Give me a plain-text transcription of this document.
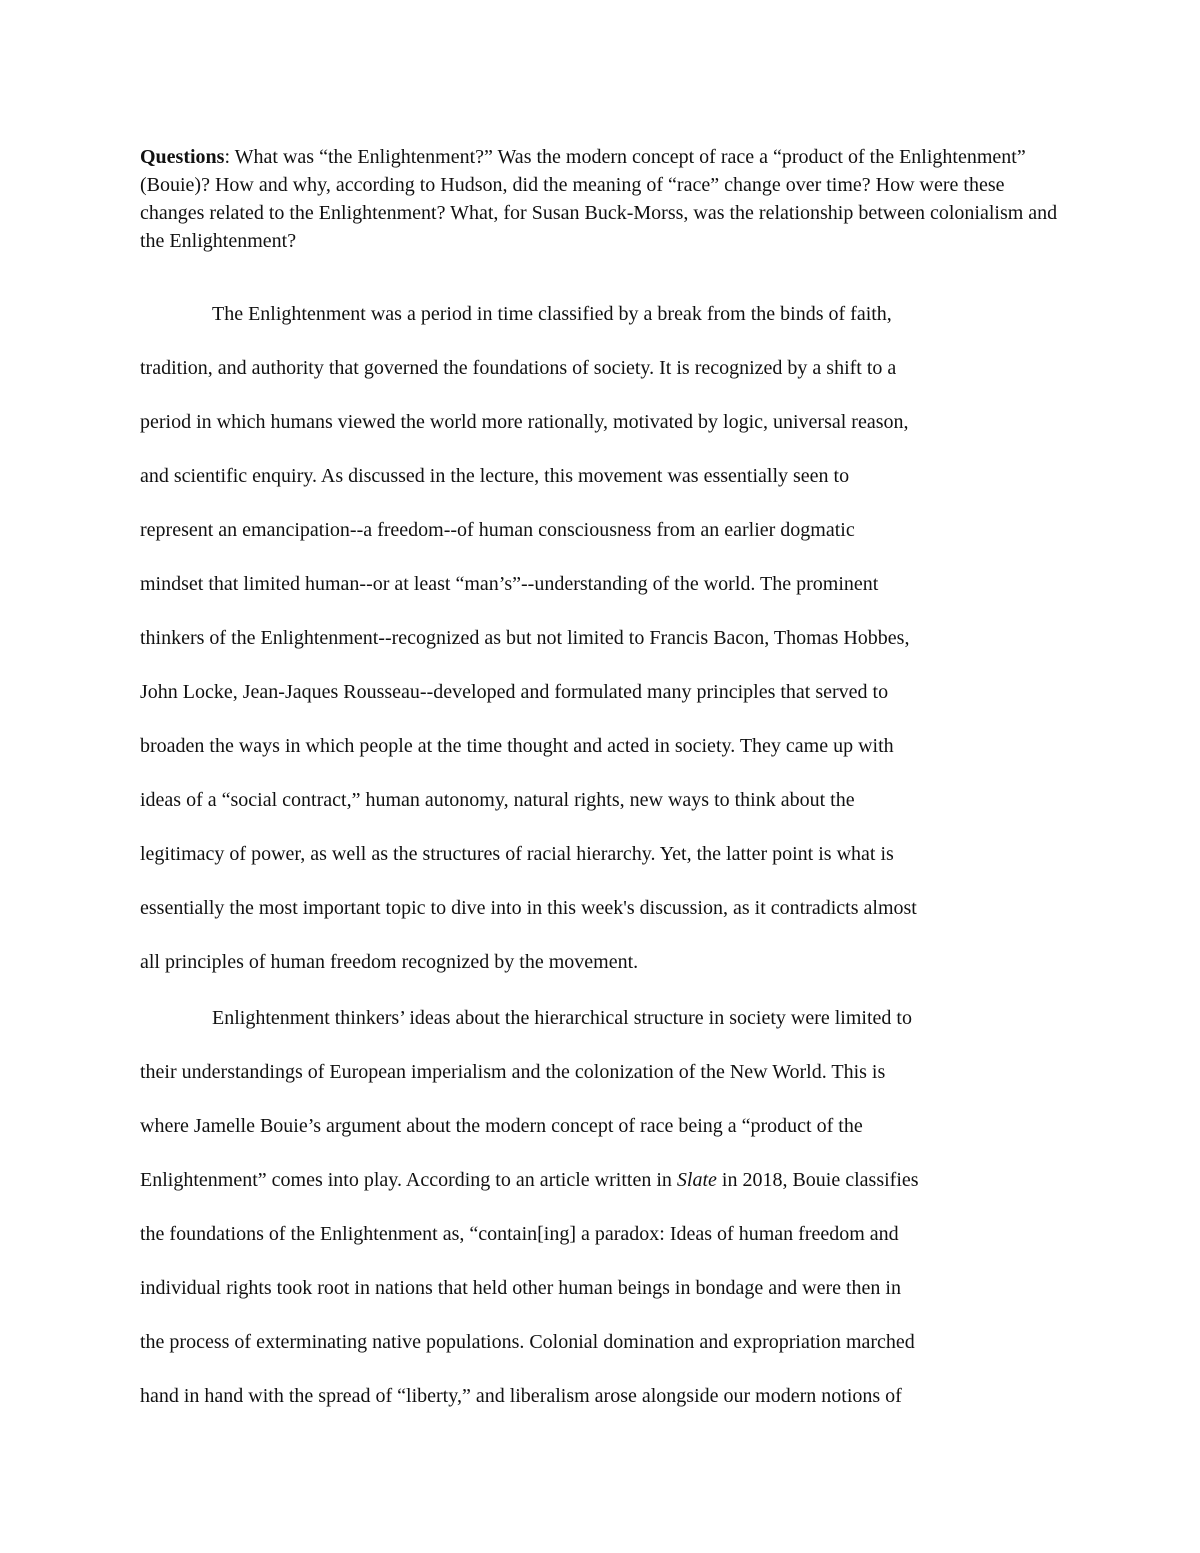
Questions: What was “the Enlightenment?” Was the modern concept of race a “product of the Enlightenment” (Bouie)? How and why, according to Hudson, did the meaning of “race” change over time? How were these changes related to the Enlightenment? What, for Susan Buck-Morss, was the relationship between colonialism and the Enlightenment?
The Enlightenment was a period in time classified by a break from the binds of faith,
tradition, and authority that governed the foundations of society. It is recognized by a shift to a
period in which humans viewed the world more rationally, motivated by logic, universal reason,
and scientific enquiry. As discussed in the lecture, this movement was essentially seen to
represent an emancipation--a freedom--of human consciousness from an earlier dogmatic
mindset that limited human--or at least “man’s”--understanding of the world. The prominent
thinkers of the Enlightenment--recognized as but not limited to Francis Bacon, Thomas Hobbes,
John Locke, Jean-Jaques Rousseau--developed and formulated many principles that served to
broaden the ways in which people at the time thought and acted in society. They came up with
ideas of a “social contract,” human autonomy, natural rights, new ways to think about the
legitimacy of power, as well as the structures of racial hierarchy. Yet, the latter point is what is
essentially the most important topic to dive into in this week's discussion, as it contradicts almost
all principles of human freedom recognized by the movement.
Enlightenment thinkers’ ideas about the hierarchical structure in society were limited to
their understandings of European imperialism and the colonization of the New World. This is
where Jamelle Bouie’s argument about the modern concept of race being a “product of the
Enlightenment” comes into play. According to an article written in Slate in 2018, Bouie classifies
the foundations of the Enlightenment as, “contain[ing] a paradox: Ideas of human freedom and
individual rights took root in nations that held other human beings in bondage and were then in
the process of exterminating native populations. Colonial domination and expropriation marched
hand in hand with the spread of “liberty,” and liberalism arose alongside our modern notions of
